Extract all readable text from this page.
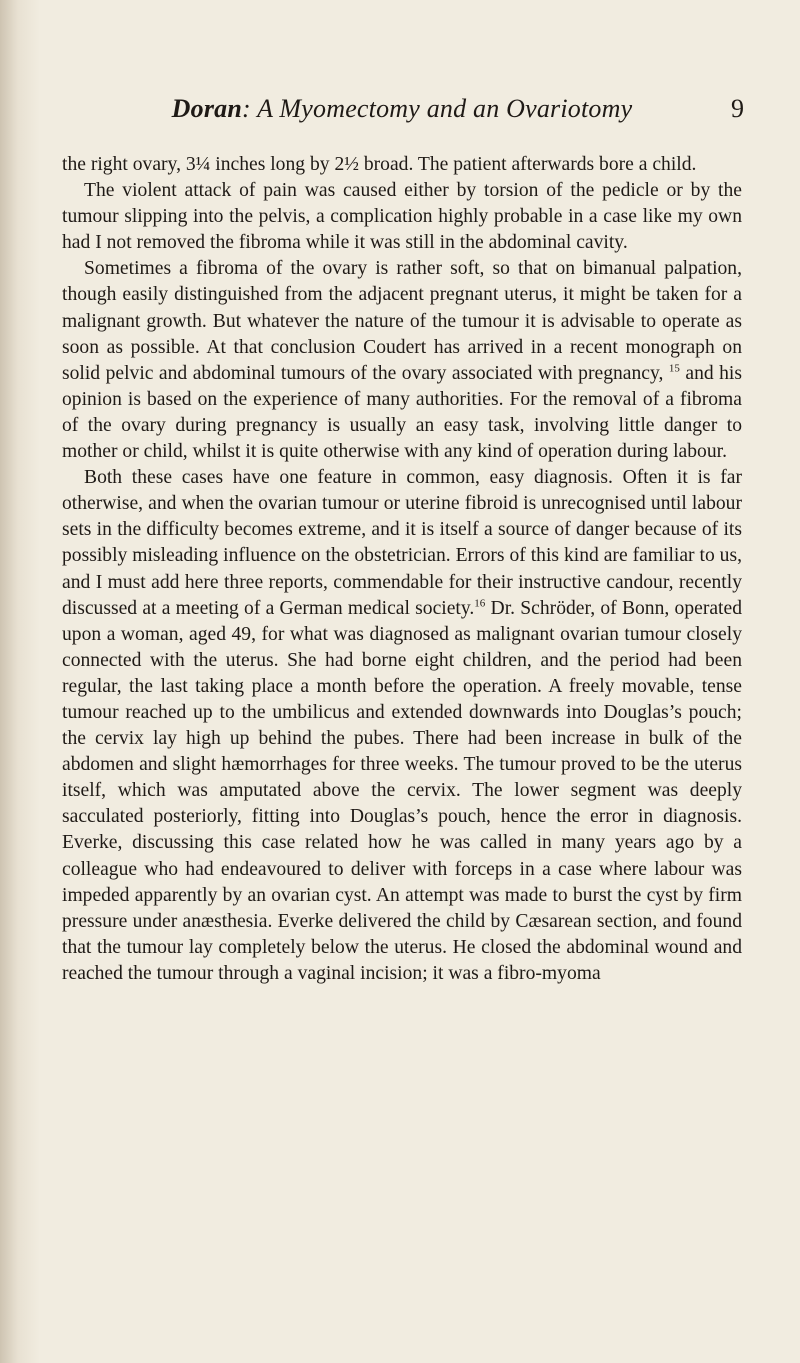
Doran: A Myomectomy and an Ovariotomy	9

the right ovary, 3¼ inches long by 2½ broad. The patient afterwards bore a child.

The violent attack of pain was caused either by torsion of the pedicle or by the tumour slipping into the pelvis, a complication highly probable in a case like my own had I not removed the fibroma while it was still in the abdominal cavity.

Sometimes a fibroma of the ovary is rather soft, so that on bimanual palpation, though easily distinguished from the adjacent pregnant uterus, it might be taken for a malignant growth. But whatever the nature of the tumour it is advisable to operate as soon as possible. At that conclusion Coudert has arrived in a recent monograph on solid pelvic and abdominal tumours of the ovary associated with pregnancy, $^{15}$ and his opinion is based on the experience of many authorities. For the removal of a fibroma of the ovary during pregnancy is usually an easy task, involving little danger to mother or child, whilst it is quite otherwise with any kind of operation during labour.

Both these cases have one feature in common, easy diagnosis. Often it is far otherwise, and when the ovarian tumour or uterine fibroid is unrecognised until labour sets in the difficulty becomes extreme, and it is itself a source of danger because of its possibly misleading influence on the obstetrician. Errors of this kind are familiar to us, and I must add here three reports, commendable for their instructive candour, recently discussed at a meeting of a German medical society.$^{16}$ Dr. Schröder, of Bonn, operated upon a woman, aged 49, for what was diagnosed as malignant ovarian tumour closely connected with the uterus. She had borne eight children, and the period had been regular, the last taking place a month before the operation. A freely movable, tense tumour reached up to the umbilicus and extended downwards into Douglas’s pouch; the cervix lay high up behind the pubes. There had been increase in bulk of the abdomen and slight hæmorrhages for three weeks. The tumour proved to be the uterus itself, which was amputated above the cervix. The lower segment was deeply sacculated posteriorly, fitting into Douglas’s pouch, hence the error in diagnosis. Everke, discussing this case related how he was called in many years ago by a colleague who had endeavoured to deliver with forceps in a case where labour was impeded apparently by an ovarian cyst. An attempt was made to burst the cyst by firm pressure under anæsthesia. Everke delivered the child by Cæsarean section, and found that the tumour lay completely below the uterus. He closed the abdominal wound and reached the tumour through a vaginal incision; it was a fibro-myoma
